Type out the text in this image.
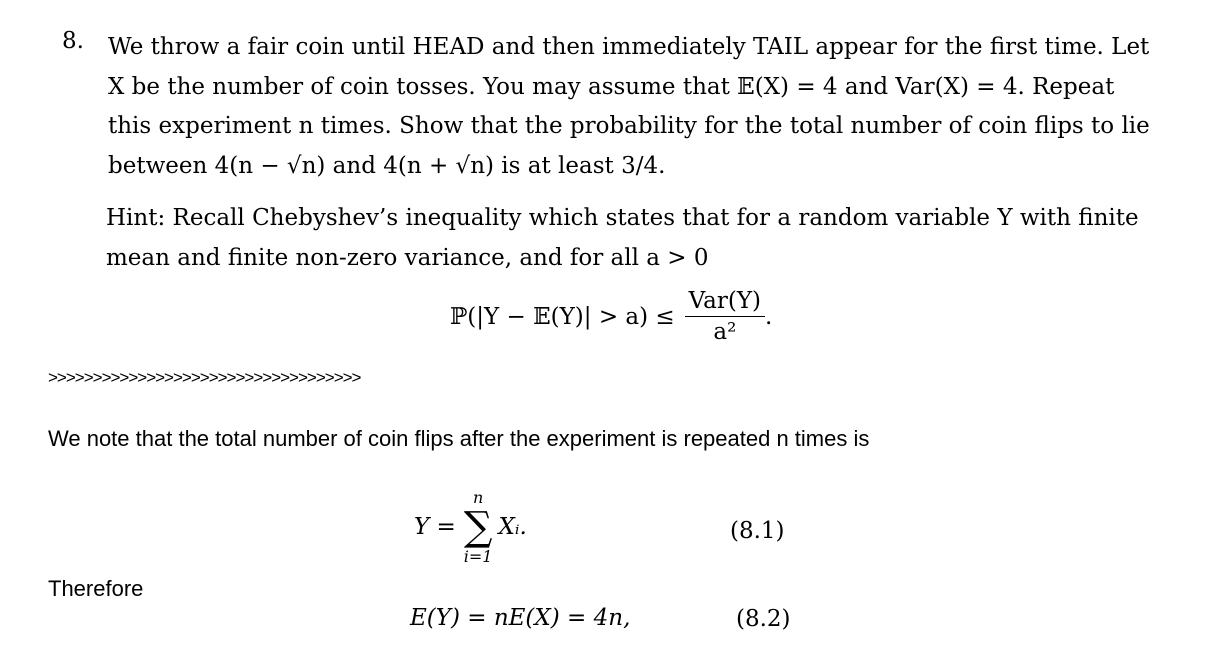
8. We throw a fair coin until HEAD and then immediately TAIL appear for the first time. Let
X be the number of coin tosses. You may assume that 𝔼(X) = 4 and Var(X) = 4. Repeat
this experiment n times. Show that the probability for the total number of coin flips to lie
between 4(n − √n) and 4(n + √n) is at least 3/4.
Hint: Recall Chebyshev’s inequality which states that for a random variable Y with finite
mean and finite non-zero variance, and for all a > 0
ℙ(|Y − 𝔼(Y)| > $a) \le \frac{\text{Var(Y)}}{\text{a²}}$ .
>>>>>>>>>>>>>>>>>>>>>>>>>>>>>>>>>>>
We note that the total number of coin flips after the experiment is repeated n times is
Y =
n
∑
i=1
Xᵢ.	(8.1)
Therefore
E(Y) = nE(X) = 4n,	(8.2)
